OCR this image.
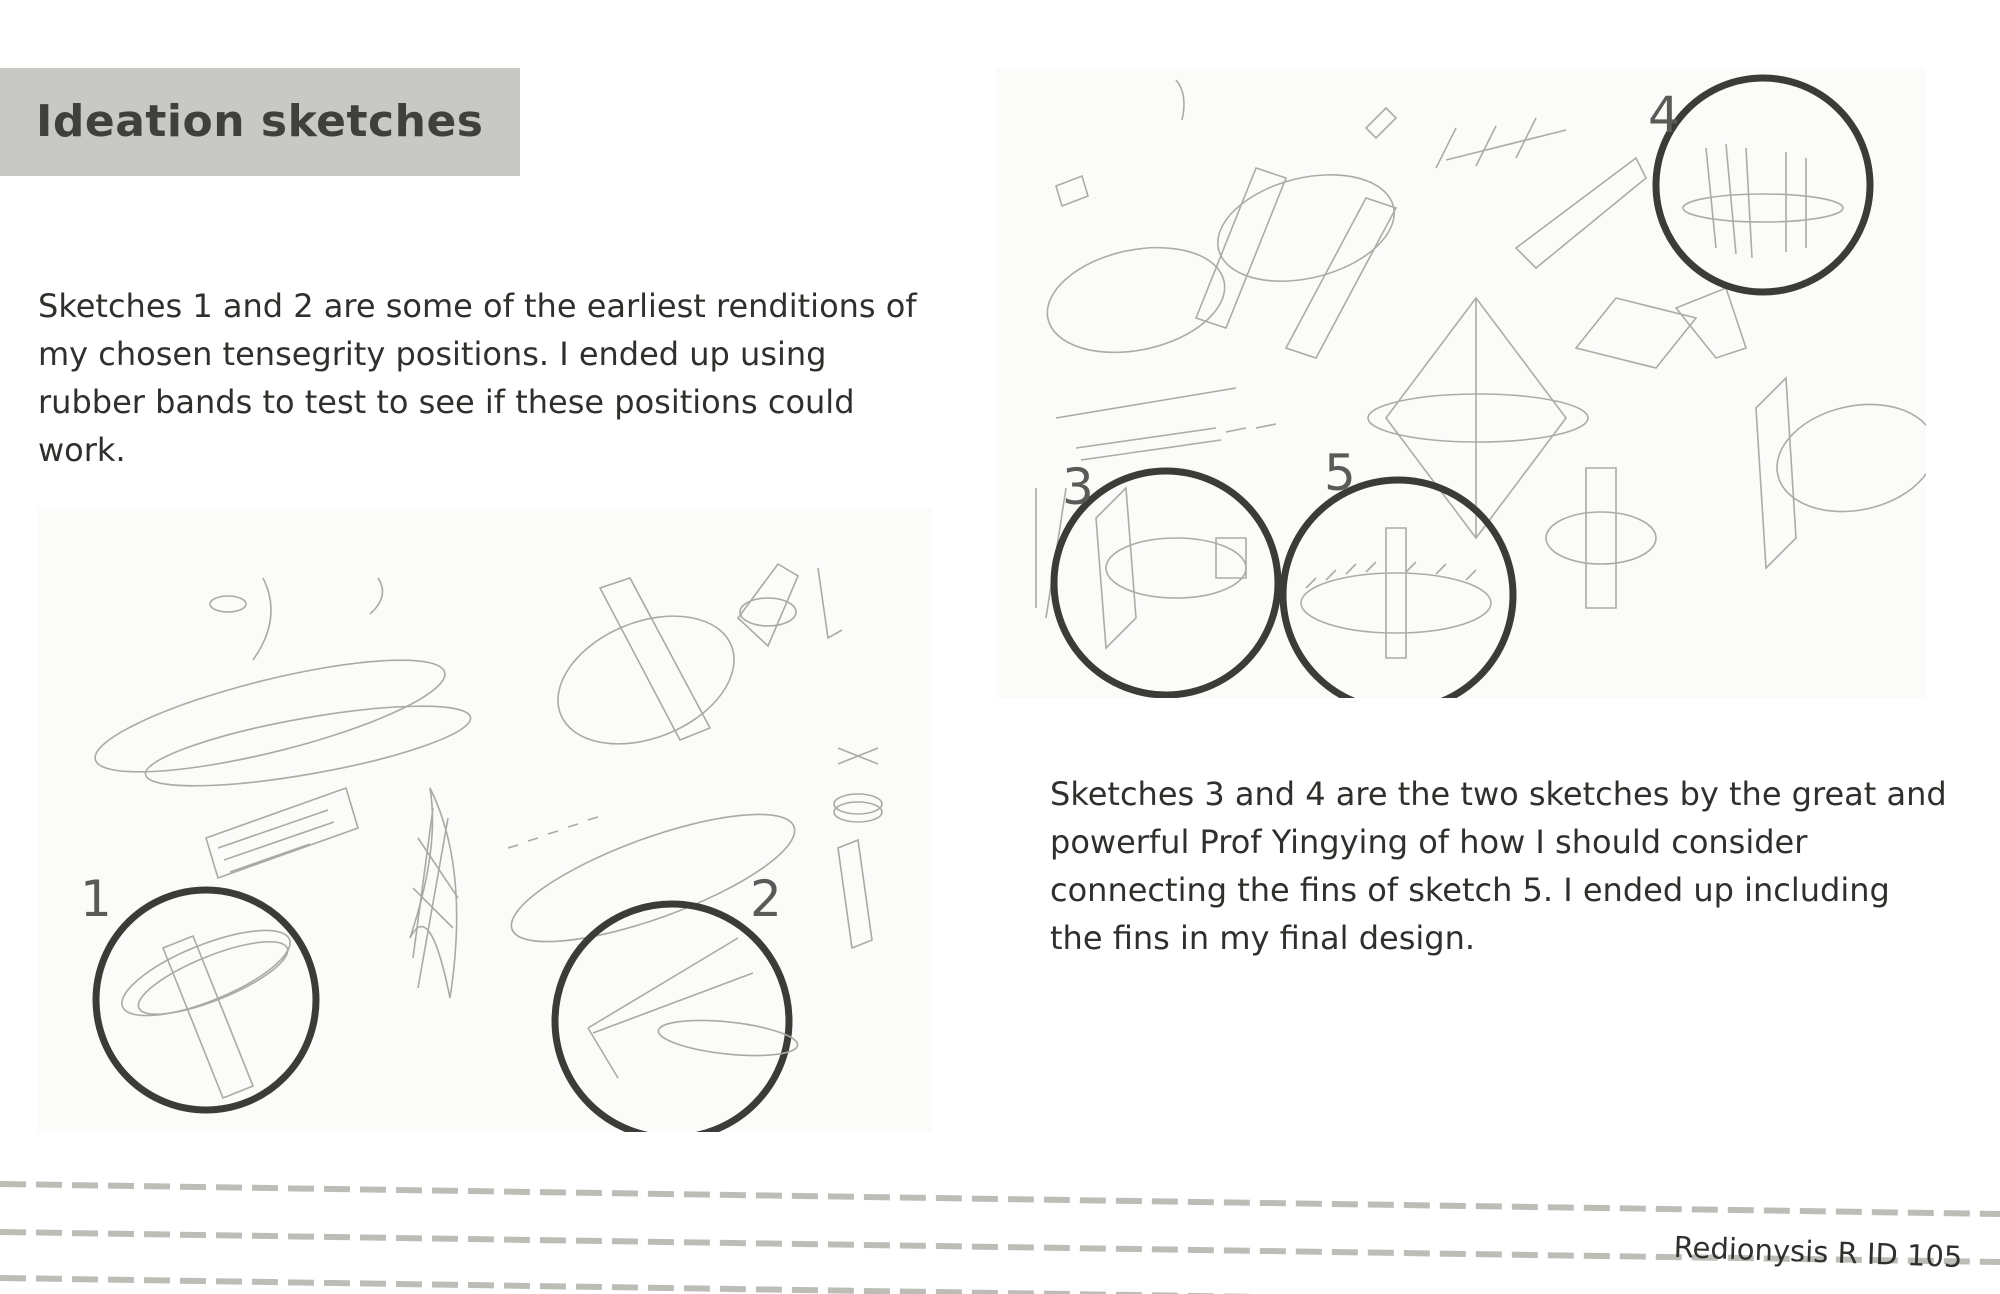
Ideation sketches

Sketches 1 and 2 are some of the earliest renditions of my chosen tensegrity positions. I ended up using rubber bands to test to see if these positions could work.

1	2
4
3	5

Sketches 3 and 4 are the two sketches by the great and powerful Prof Yingying of how I should consider connecting the fins of sketch 5. I ended up including the fins in my final design.

Redionysis R ID 105
